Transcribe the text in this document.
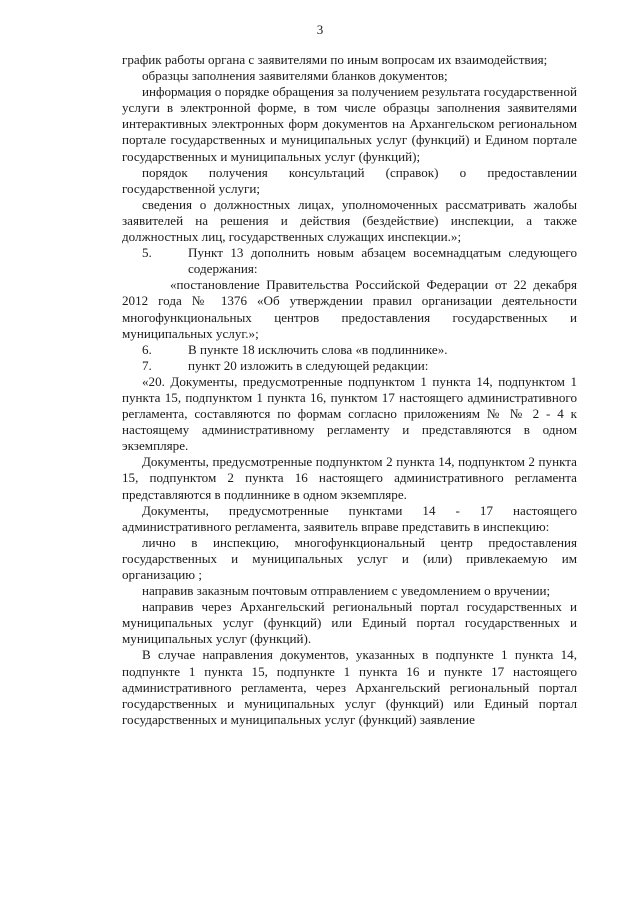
3

график работы органа с заявителями по иным вопросам их взаимодействия;

образцы заполнения заявителями бланков документов;

информация о порядке обращения за получением результата государственной услуги в электронной форме, в том числе образцы заполнения заявителями интерактивных электронных форм документов на Архангельском региональном портале государственных и муниципальных услуг (функций) и Едином портале государственных и муниципальных услуг (функций);

порядок получения консультаций (справок) о предоставлении государственной услуги;

сведения о должностных лицах, уполномоченных рассматривать жалобы заявителей на решения и действия (бездействие) инспекции, а также должностных лиц, государственных служащих инспекции.»;

5.	Пункт 13 дополнить новым абзацем восемнадцатым следующего содержания:

«постановление Правительства Российской Федерации от 22 декабря 2012 года № 1376 «Об утверждении правил организации деятельности многофункциональных центров предоставления государственных и муниципальных услуг.»;

6.	В пункте 18 исключить слова «в подлиннике».

7.	пункт 20 изложить в следующей редакции:

«20. Документы, предусмотренные подпунктом 1 пункта 14, подпунктом 1 пункта 15, подпунктом 1 пункта 16, пунктом 17 настоящего административного регламента, составляются по формам согласно приложениям № № 2 - 4 к настоящему административному регламенту и представляются в одном экземпляре.

Документы, предусмотренные подпунктом 2 пункта 14, подпунктом 2 пункта 15, подпунктом 2 пункта 16 настоящего административного регламента представляются в подлиннике в одном экземпляре.

Документы, предусмотренные пунктами 14 - 17 настоящего административного регламента, заявитель вправе представить в инспекцию:

лично в инспекцию, многофункциональный центр предоставления государственных и муниципальных услуг и (или) привлекаемую им организацию ;

направив заказным почтовым отправлением с уведомлением о вручении;

направив через Архангельский региональный портал государственных и муниципальных услуг (функций) или Единый портал государственных и муниципальных услуг (функций).

В случае направления документов, указанных в подпункте 1 пункта 14, подпункте 1 пункта 15, подпункте 1 пункта 16 и пункте 17 настоящего административного регламента, через Архангельский региональный портал государственных и муниципальных услуг (функций) или Единый портал государственных и муниципальных услуг (функций) заявление
